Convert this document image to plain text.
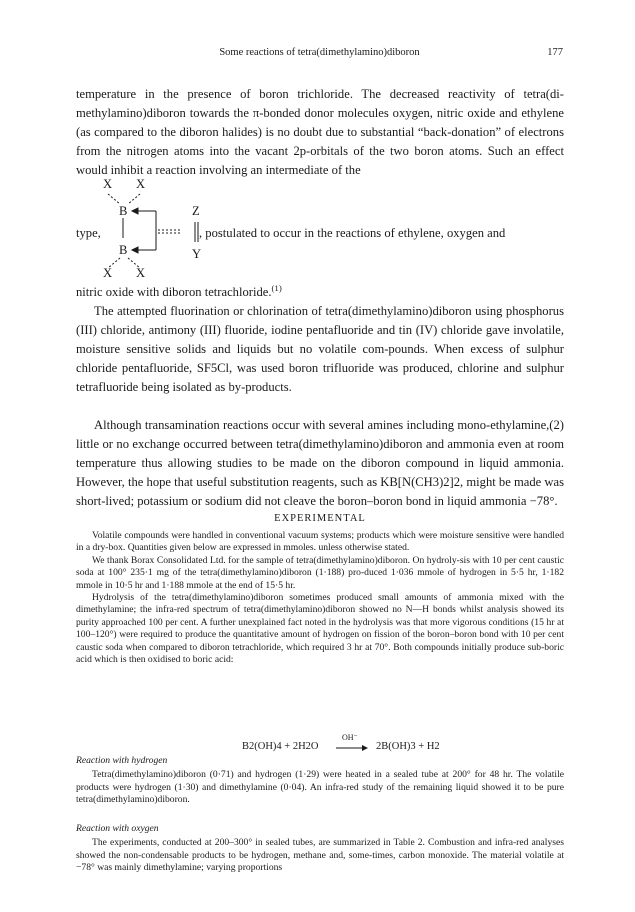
Some reactions of tetra(dimethylamino)diboron	177

temperature in the presence of boron trichloride. The decreased reactivity of tetra(di-methylamino)diboron towards the π-bonded donor molecules oxygen, nitric oxide and ethylene (as compared to the diboron halides) is no doubt due to substantial “back-donation” of electrons from the nitrogen atoms into the vacant 2p-orbitals of the two boron atoms. Such an effect would inhibit a reaction involving an intermediate of the

X X
B	Z
type,	, postulated to occur in the reactions of ethylene, oxygen and
B	Y
X X

nitric oxide with diboron tetrachloride.$^{(1)}$

The attempted fluorination or chlorination of tetra(dimethylamino)diboron using phosphorus (III) chloride, antimony (III) fluoride, iodine pentafluoride and tin (IV) chloride gave involatile, moisture sensitive solids and liquids but no volatile com-pounds. When excess of sulphur chloride pentafluoride, SF5Cl, was used boron trifluoride was produced, chlorine and sulphur tetrafluoride being isolated as by-products.

Although transamination reactions occur with several amines including mono-ethylamine,(2) little or no exchange occurred between tetra(dimethylamino)diboron and ammonia even at room temperature thus allowing studies to be made on the diboron compound in liquid ammonia. However, the hope that useful substitution reagents, such as KB[N(CH3)2]2, might be made was short-lived; potassium or sodium did not cleave the boron–boron bond in liquid ammonia −78°.

EXPERIMENTAL

Volatile compounds were handled in conventional vacuum systems; products which were moisture sensitive were handled in a dry-box. Quantities given below are expressed in mmoles. unless otherwise stated.

We thank Borax Consolidated Ltd. for the sample of tetra(dimethylamino)diboron. On hydroly-sis with 10 per cent caustic soda at 100° 235·1 mg of the tetra(dimethylamino)diboron (1·188) pro-duced 1·036 mmole of hydrogen in 5·5 hr, 1·182 mmole in 10·5 hr and 1·188 mmole at the end of 15·5 hr.

Hydrolysis of the tetra(dimethylamino)diboron sometimes produced small amounts of ammonia mixed with the dimethylamine; the infra-red spectrum of tetra(dimethylamino)diboron showed no N—H bonds whilst analysis showed its purity approached 100 per cent. A further unexplained fact noted in the hydrolysis was that more vigorous conditions (15 hr at 100–120°) were required to produce the quantitative amount of hydrogen on fission of the boron–boron bond with 10 per cent caustic soda when compared to diboron tetrachloride, which required 3 hr at 70°. Both compounds initially produce sub-boric acid which is then oxidised to boric acid:

B2(OH)4 + 2H2O
OH⁻
→ 2B(OH)3 + H2

Reaction with hydrogen

Tetra(dimethylamino)diboron (0·71) and hydrogen (1·29) were heated in a sealed tube at 200° for 48 hr. The volatile products were hydrogen (1·30) and dimethylamine (0·04). An infra-red study of the remaining liquid showed it to be pure tetra(dimethylamino)diboron.

Reaction with oxygen

The experiments, conducted at 200–300° in sealed tubes, are summarized in Table 2. Combustion and infra-red analyses showed the non-condensable products to be hydrogen, methane and, some-times, carbon monoxide. The material volatile at −78° was mainly dimethylamine; varying proportions
